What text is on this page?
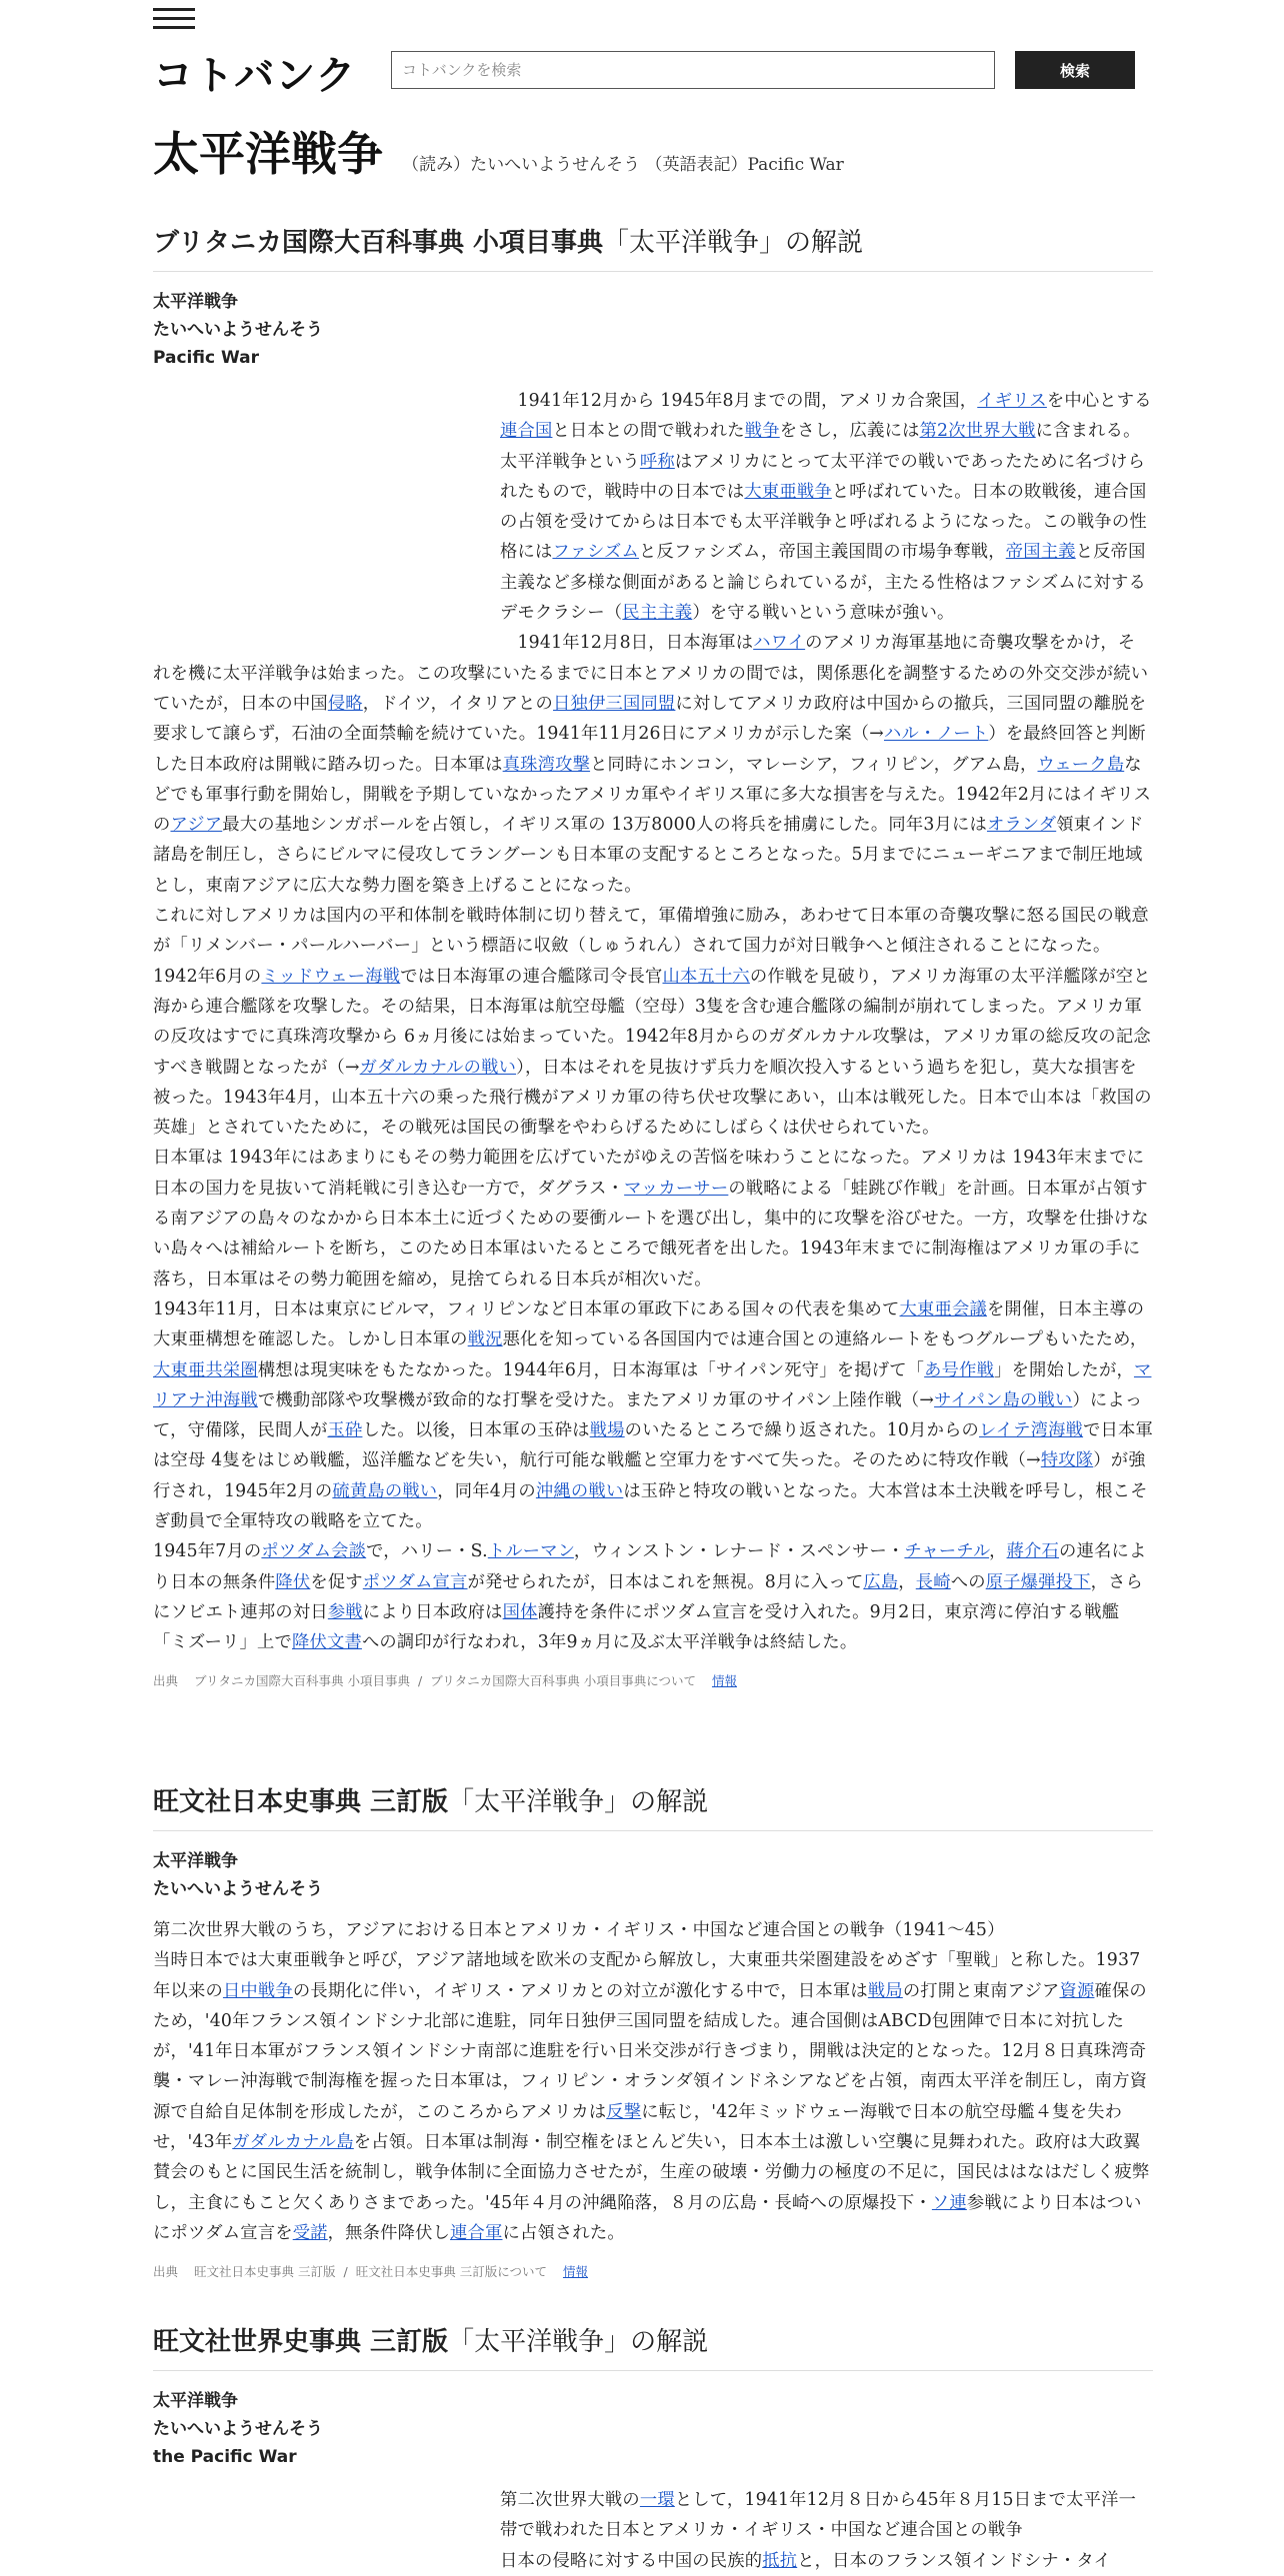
コトバンク
コトバンクを検索	検索
太平洋戦争 （読み）たいへいようせんそう （英語表記）Pacific War
ブリタニカ国際大百科事典 小項目事典「太平洋戦争」の解説
太平洋戦争
たいへいようせんそう
Pacific War

　1941年12月から 1945年8月までの間，アメリカ合衆国，イギリスを中心とする連合国と日本との間で戦われた戦争をさし，広義には第2次世界大戦に含まれる。太平洋戦争という呼称はアメリカにとって太平洋での戦いであったために名づけられたもので，戦時中の日本では大東亜戦争と呼ばれていた。日本の敗戦後，連合国の占領を受けてからは日本でも太平洋戦争と呼ばれるようになった。この戦争の性格にはファシズムと反ファシズム，帝国主義国間の市場争奪戦，帝国主義と反帝国主義など多様な側面があると論じられているが，主たる性格はファシズムに対するデモクラシー（民主主義）を守る戦いという意味が強い。

　1941年12月8日，日本海軍はハワイのアメリカ海軍基地に奇襲攻撃をかけ，そ

れを機に太平洋戦争は始まった。この攻撃にいたるまでに日本とアメリカの間では，関係悪化を調整するための外交交渉が続いていたが，日本の中国侵略，ドイツ，イタリアとの日独伊三国同盟に対してアメリカ政府は中国からの撤兵，三国同盟の離脱を要求して譲らず，石油の全面禁輸を続けていた。1941年11月26日にアメリカが示した案（→ハル・ノート）を最終回答と判断した日本政府は開戦に踏み切った。日本軍は真珠湾攻撃と同時にホンコン，マレーシア，フィリピン，グアム島，ウェーク島などでも軍事行動を開始し，開戦を予期していなかったアメリカ軍やイギリス軍に多大な損害を与えた。1942年2月にはイギリスのアジア最大の基地シンガポールを占領し，イギリス軍の 13万8000人の将兵を捕虜にした。同年3月にはオランダ領東インド諸島を制圧し，さらにビルマに侵攻してラングーンも日本軍の支配するところとなった。5月までにニューギニアまで制圧地域とし，東南アジアに広大な勢力圏を築き上げることになった。

これに対しアメリカは国内の平和体制を戦時体制に切り替えて，軍備増強に励み，あわせて日本軍の奇襲攻撃に怒る国民の戦意が「リメンバー・パールハーバー」という標語に収斂（しゅうれん）されて国力が対日戦争へと傾注されることになった。1942年6月のミッドウェー海戦では日本海軍の連合艦隊司令長官山本五十六の作戦を見破り，アメリカ海軍の太平洋艦隊が空と海から連合艦隊を攻撃した。その結果，日本海軍は航空母艦（空母）3隻を含む連合艦隊の編制が崩れてしまった。アメリカ軍の反攻はすでに真珠湾攻撃から 6ヵ月後には始まっていた。1942年8月からのガダルカナル攻撃は，アメリカ軍の総反攻の記念すべき戦闘となったが（→ガダルカナルの戦い），日本はそれを見抜けず兵力を順次投入するという過ちを犯し，莫大な損害を被った。1943年4月，山本五十六の乗った飛行機がアメリカ軍の待ち伏せ攻撃にあい，山本は戦死した。日本で山本は「救国の英雄」とされていたために，その戦死は国民の衝撃をやわらげるためにしばらくは伏せられていた。

日本軍は 1943年にはあまりにもその勢力範囲を広げていたがゆえの苦悩を味わうことになった。アメリカは 1943年末までに日本の国力を見抜いて消耗戦に引き込む一方で，ダグラス・マッカーサーの戦略による「蛙跳び作戦」を計画。日本軍が占領する南アジアの島々のなかから日本本土に近づくための要衝ルートを選び出し，集中的に攻撃を浴びせた。一方，攻撃を仕掛けない島々へは補給ルートを断ち，このため日本軍はいたるところで餓死者を出した。1943年末までに制海権はアメリカ軍の手に落ち，日本軍はその勢力範囲を縮め，見捨てられる日本兵が相次いだ。

1943年11月，日本は東京にビルマ，フィリピンなど日本軍の軍政下にある国々の代表を集めて大東亜会議を開催，日本主導の大東亜構想を確認した。しかし日本軍の戦況悪化を知っている各国国内では連合国との連絡ルートをもつグループもいたため，大東亜共栄圏構想は現実味をもたなかった。1944年6月，日本海軍は「サイパン死守」を掲げて「あ号作戦」を開始したが，マリアナ沖海戦で機動部隊や攻撃機が致命的な打撃を受けた。またアメリカ軍のサイパン上陸作戦（→サイパン島の戦い）によって，守備隊，民間人が玉砕した。以後，日本軍の玉砕は戦場のいたるところで繰り返された。10月からのレイテ湾海戦で日本軍は空母 4隻をはじめ戦艦，巡洋艦などを失い，航行可能な戦艦と空軍力をすべて失った。そのために特攻作戦（→特攻隊）が強行され，1945年2月の硫黄島の戦い，同年4月の沖縄の戦いは玉砕と特攻の戦いとなった。大本営は本土決戦を呼号し，根こそぎ動員で全軍特攻の戦略を立てた。

1945年7月のポツダム会談で，ハリー・S.トルーマン，ウィンストン・レナード・スペンサー・チャーチル，蔣介石の連名により日本の無条件降伏を促すポツダム宣言が発せられたが，日本はこれを無視。8月に入って広島，長崎への原子爆弾投下，さらにソビエト連邦の対日参戦により日本政府は国体護持を条件にポツダム宣言を受け入れた。9月2日，東京湾に停泊する戦艦「ミズーリ」上で降伏文書への調印が行なわれ，3年9ヵ月に及ぶ太平洋戦争は終結した。

出典 ブリタニカ国際大百科事典 小項目事典 / ブリタニカ国際大百科事典 小項目事典について 情報
旺文社日本史事典 三訂版「太平洋戦争」の解説
太平洋戦争
たいへいようせんそう

第二次世界大戦のうち，アジアにおける日本とアメリカ・イギリス・中国など連合国との戦争（1941〜45）

当時日本では大東亜戦争と呼び，アジア諸地域を欧米の支配から解放し，大東亜共栄圏建設をめざす「聖戦」と称した。1937年以来の日中戦争の長期化に伴い，イギリス・アメリカとの対立が激化する中で，日本軍は戦局の打開と東南アジア資源確保のため，'40年フランス領インドシナ北部に進駐，同年日独伊三国同盟を結成した。連合国側はABCD包囲陣で日本に対抗したが，'41年日本軍がフランス領インドシナ南部に進駐を行い日米交渉が行きづまり，開戦は決定的となった。12月８日真珠湾奇襲・マレー沖海戦で制海権を握った日本軍は，フィリピン・オランダ領インドネシアなどを占領，南西太平洋を制圧し，南方資源で自給自足体制を形成したが，このころからアメリカは反撃に転じ，'42年ミッドウェー海戦で日本の航空母艦４隻を失わせ，'43年ガダルカナル島を占領。日本軍は制海・制空権をほとんど失い，日本本土は激しい空襲に見舞われた。政府は大政翼賛会のもとに国民生活を統制し，戦争体制に全面協力させたが，生産の破壊・労働力の極度の不足に，国民ははなはだしく疲弊し，主食にもこと欠くありさまであった。'45年４月の沖縄陥落，８月の広島・長崎への原爆投下・ソ連参戦により日本はついにポツダム宣言を受諾，無条件降伏し連合軍に占領された。

出典 旺文社日本史事典 三訂版 / 旺文社日本史事典 三訂版について 情報
旺文社世界史事典 三訂版「太平洋戦争」の解説
太平洋戦争
たいへいようせんそう
the Pacific War

第二次世界大戦の一環として，1941年12月８日から45年８月15日まで太平洋一帯で戦われた日本とアメリカ・イギリス・中国など連合国との戦争

日本の侵略に対する中国の民族的抵抗と，日本のフランス領インドシナ・タイ
